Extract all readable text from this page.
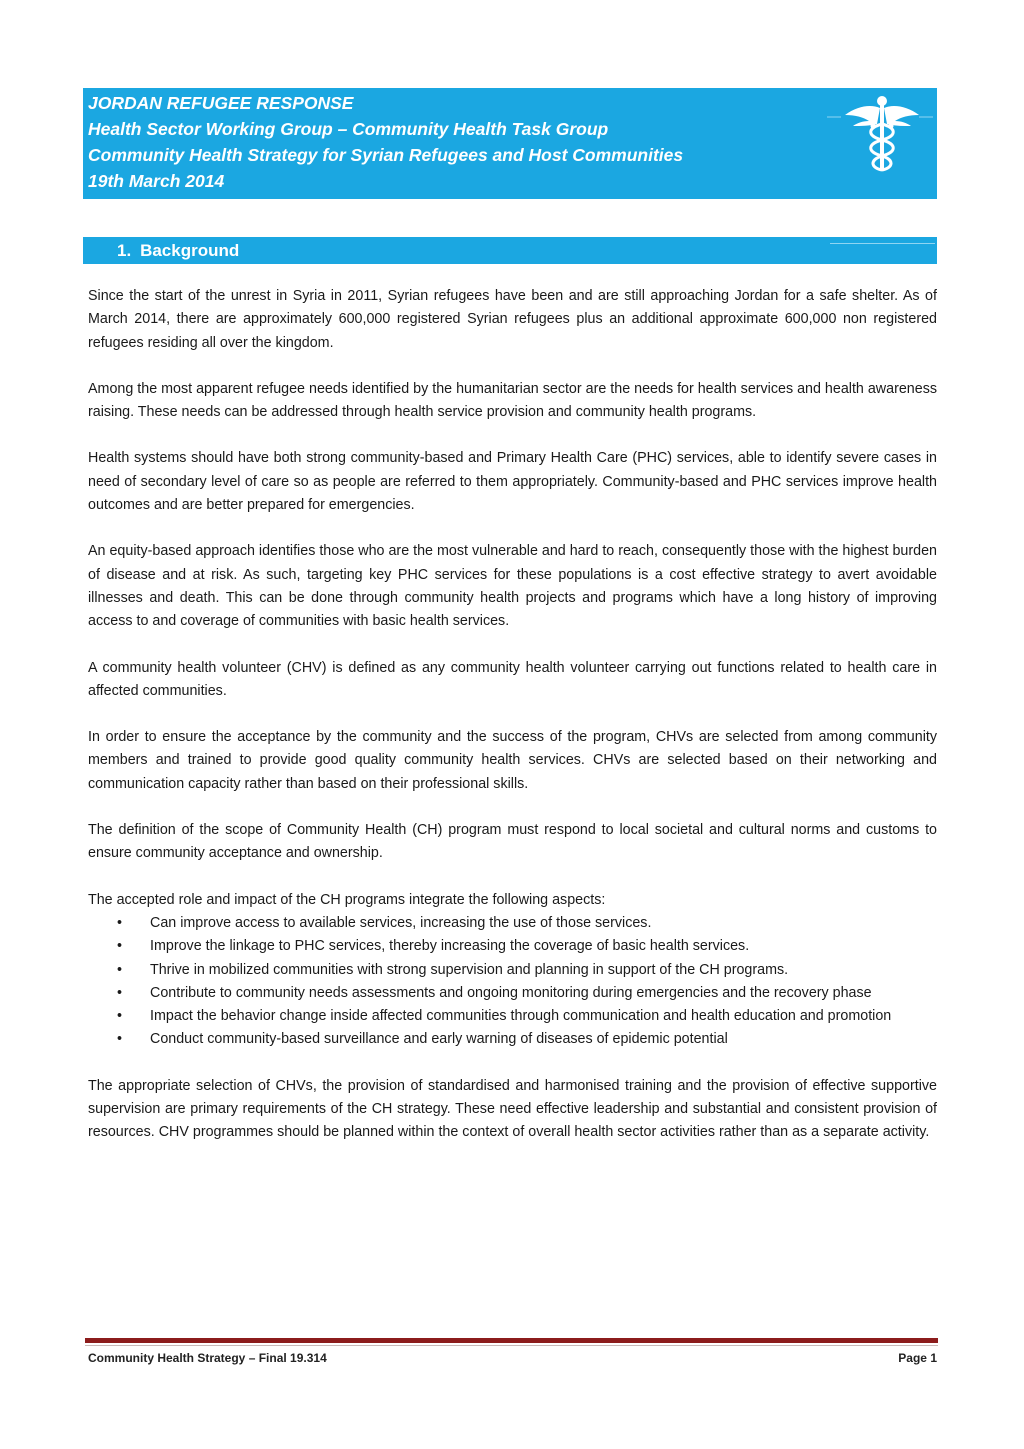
JORDAN REFUGEE RESPONSE
Health Sector Working Group – Community Health Task Group
Community Health Strategy for Syrian Refugees and Host Communities
19th March 2014
1. Background

Since the start of the unrest in Syria in 2011, Syrian refugees have been and are still approaching Jordan for a safe shelter. As of March 2014, there are approximately 600,000 registered Syrian refugees plus an additional approximate 600,000 non registered refugees residing all over the kingdom.

Among the most apparent refugee needs identified by the humanitarian sector are the needs for health services and health awareness raising. These needs can be addressed through health service provision and community health programs.

Health systems should have both strong community-based and Primary Health Care (PHC) services, able to identify severe cases in need of secondary level of care so as people are referred to them appropriately. Community-based and PHC services improve health outcomes and are better prepared for emergencies.

An equity-based approach identifies those who are the most vulnerable and hard to reach, consequently those with the highest burden of disease and at risk. As such, targeting key PHC services for these populations is a cost effective strategy to avert avoidable illnesses and death. This can be done through community health projects and programs which have a long history of improving access to and coverage of communities with basic health services.

A community health volunteer (CHV) is defined as any community health volunteer carrying out functions related to health care in affected communities.

In order to ensure the acceptance by the community and the success of the program, CHVs are selected from among community members and trained to provide good quality community health services. CHVs are selected based on their networking and communication capacity rather than based on their professional skills.

The definition of the scope of Community Health (CH) program must respond to local societal and cultural norms and customs to ensure community acceptance and ownership.

The accepted role and impact of the CH programs integrate the following aspects:

• Can improve access to available services, increasing the use of those services.
• Improve the linkage to PHC services, thereby increasing the coverage of basic health services.
• Thrive in mobilized communities with strong supervision and planning in support of the CH programs.
• Contribute to community needs assessments and ongoing monitoring during emergencies and the recovery phase
• Impact the behavior change inside affected communities through communication and health education and promotion
• Conduct community-based surveillance and early warning of diseases of epidemic potential

The appropriate selection of CHVs, the provision of standardised and harmonised training and the provision of effective supportive supervision are primary requirements of the CH strategy. These need effective leadership and substantial and consistent provision of resources. CHV programmes should be planned within the context of overall health sector activities rather than as a separate activity.

Community Health Strategy – Final 19.314	Page 1
